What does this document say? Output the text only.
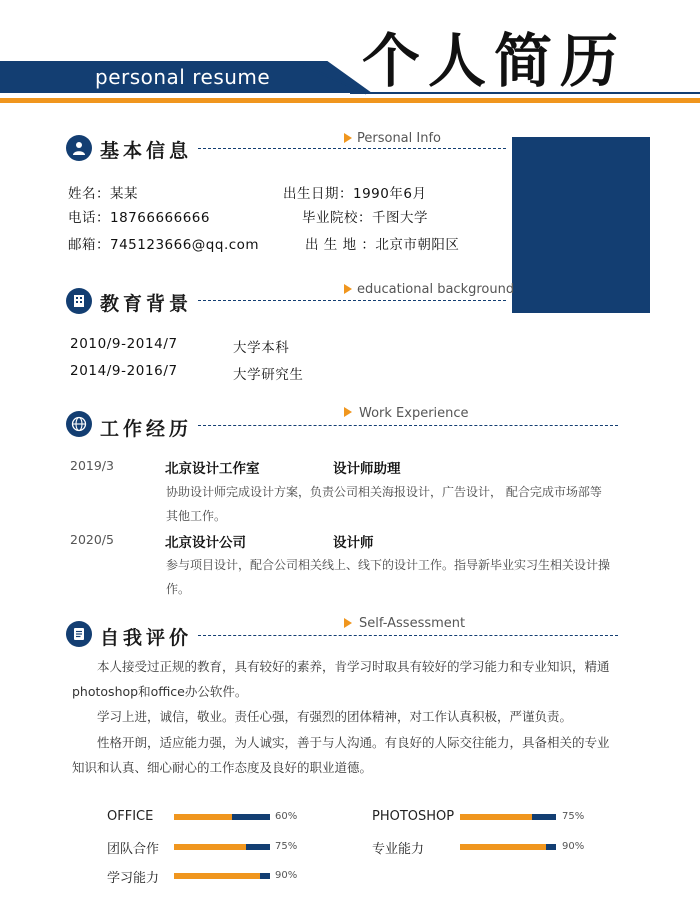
personal resume 个人简历
基本信息
Personal Info
姓名：某某	出生日期：1990年6月
电话：18766666666	毕业院校：千图大学
邮箱：745123666@qq.com	出 生 地 ：北京市朝阳区
教育背景
educational background
2010/9-2014/7	大学本科
2014/9-2016/7	大学研究生
工作经历
Work Experience
2019/3	北京设计工作室	设计师助理
协助设计师完成设计方案，负责公司相关海报设计，广告设计， 配合完成市场部等其他工作。
2020/5	北京设计公司	设计师
参与项目设计，配合公司相关线上、线下的设计工作。指导新毕业实习生相关设计操作。
自我评价
Self-Assessment
本人接受过正规的教育，具有较好的素养，肯学习时取具有较好的学习能力和专业知识，精通photoshop和office办公软件。
学习上进，诚信，敬业。责任心强，有强烈的团体精神，对工作认真积极，严谨负责。
性格开朗，适应能力强，为人诚实，善于与人沟通。有良好的人际交往能力，具备相关的专业知识和认真、细心耐心的工作态度及良好的职业道德。
OFFICE	60%	PHOTOSHOP	75%
团队合作	75%	专业能力	90%
学习能力	90%
